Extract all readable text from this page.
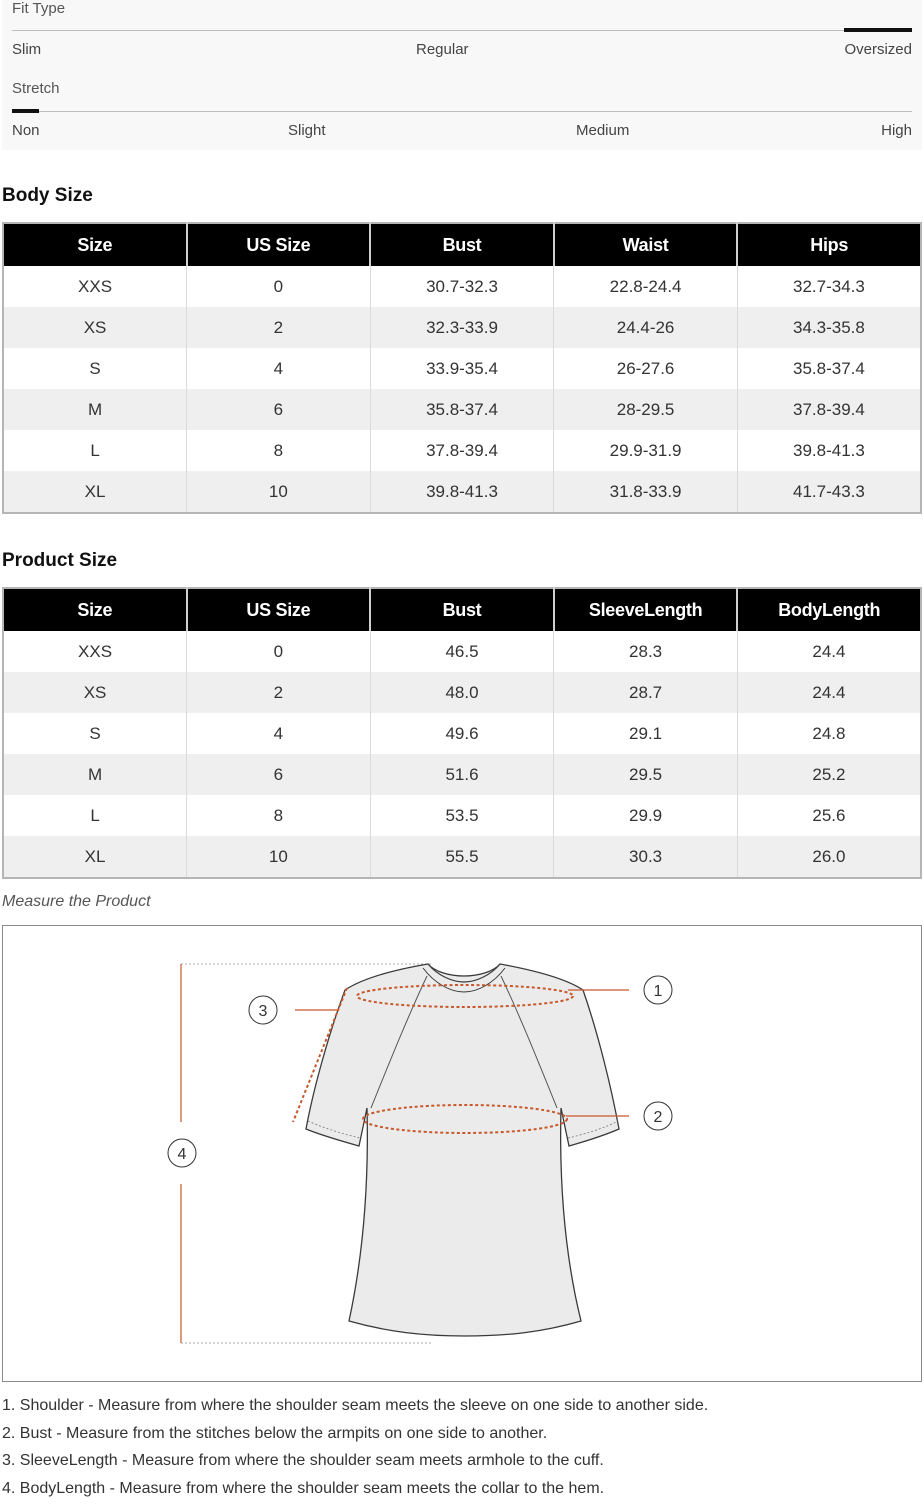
Fit Type
Slim	Regular	Oversized
Stretch
Non	Slight	Medium	High
Body Size
Size	US Size	Bust	Waist	Hips
XXS	0	30.7-32.3	22.8-24.4	32.7-34.3
XS	2	32.3-33.9	24.4-26	34.3-35.8
S	4	33.9-35.4	26-27.6	35.8-37.4
M	6	35.8-37.4	28-29.5	37.8-39.4
L	8	37.8-39.4	29.9-31.9	39.8-41.3
XL	10	39.8-41.3	31.8-33.9	41.7-43.3
Product Size
Size	US Size	Bust	SleeveLength	BodyLength
XXS	0	46.5	28.3	24.4
XS	2	48.0	28.7	24.4
S	4	49.6	29.1	24.8
M	6	51.6	29.5	25.2
L	8	53.5	29.9	25.6
XL	10	55.5	30.3	26.0
Measure the Product
1
2
3
4
1. Shoulder - Measure from where the shoulder seam meets the sleeve on one side to another side.
2. Bust - Measure from the stitches below the armpits on one side to another.
3. SleeveLength - Measure from where the shoulder seam meets armhole to the cuff.
4. BodyLength - Measure from where the shoulder seam meets the collar to the hem.
